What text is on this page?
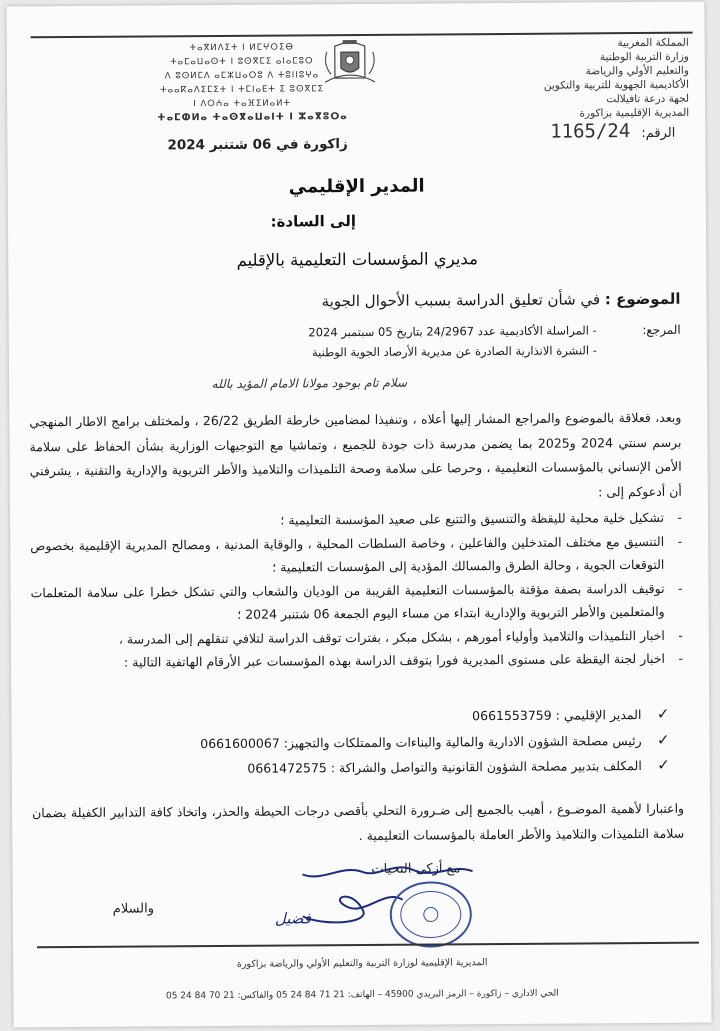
المملكة المغربية
وزارة التربية الوطنية
والتعليم الأولي والرياضة
الأكاديمية الجهوية للتربية والتكوين
لجهة درعة تافيلالت
المديرية الإقليمية بزاكورة
ⵜⴰⴳⵍⴷⵉⵜ ⵏ ⵍⵎⵖⵔⵉⴱ
ⵜⴰⵎⴰⵡⴰⵙⵜ ⵏ ⵓⵙⴳⵎⵉ ⴰⵏⴰⵎⵓⵔ
ⴷ ⵓⵙⵍⵎⴷ ⴰⵎⵣⵡⴰⵔⵓ ⴷ ⵜⵓⵏⵏⵓⵖⴰ
ⵜⴰⴰⴽⴰⴷⵉⵎⵉⵜ ⵏ ⵜⵎⵏⴰⴹⵜ ⵉ ⵓⵙⴳⵎⵉ
ⵏ ⴷⵔⵄⴰ ⵜⴰⴼⵉⵍⴰⵍⵜ
ⵜⴰⵎⵀⵍⴰ ⵜⴰⵙⴳⴰⵡⴰⵏⵜ ⵏ ⵣⴰⴳⵓⵔⴰ
الرقم: 1165/24
زاكورة في 06 شتنبر 2024
المدير الإقليمي
إلى السادة:
مديري المؤسسات التعليمية بالإقليم
الموضوع : في شأن تعليق الدراسة بسبب الأحوال الجوية
المرجع:
- المراسلة الأكاديمية عدد 24/2967 بتاريخ 05 سبتمبر 2024
- النشرة الانذارية الصادرة عن مديرية الأرصاد الجوية الوطنية
سلام تام بوجود مولانا الامام المؤيد بالله
وبعد، فعلاقة بالموضوع والمراجع المشار إليها أعلاه ، وتنفيذا لمضامين خارطة الطريق 26/22 ، ولمختلف برامج الاطار المنهجي برسم سنتي 2024 و2025 بما يضمن مدرسة ذات جودة للجميع ، وتماشيا مع التوجيهات الوزارية بشأن الحفاظ على سلامة الأمن الإنساني بالمؤسسات التعليمية ، وحرصا على سلامة وصحة التلميذات والتلاميذ والأطر التربوية والإدارية والتقنية ، يشرفني أن أدعوكم إلى :
- تشكيل خلية محلية لليقظة والتنسيق والتتبع على صعيد المؤسسة التعليمية ؛
- التنسيق مع مختلف المتدخلين والفاعلين ، وخاصة السلطات المحلية ، والوقاية المدنية ، ومصالح المديرية الإقليمية بخصوص التوقعات الجوية ، وحالة الطرق والمسالك المؤدية إلى المؤسسات التعليمية ؛
- توقيف الدراسة بصفة مؤقتة بالمؤسسات التعليمية القريبة من الوديان والشعاب والتي تشكل خطرا على سلامة المتعلمات والمتعلمين والأطر التربوية والإدارية ابتداء من مساء اليوم الجمعة 06 شتنبر 2024 ؛
- اخبار التلميذات والتلاميذ وأولياء أمورهم ، بشكل مبكر ، بفترات توقف الدراسة لتلافي تنقلهم إلى المدرسة ،
- اخبار لجنة اليقظة على مستوى المديرية فورا بتوقف الدراسة بهذه المؤسسات عبر الأرقام الهاتفية التالية :
✓
المدير الإقليمي : 0661553759
✓
رئيس مصلحة الشؤون الادارية والمالية والبناءات والممتلكات والتجهيز: 0661600067
✓
المكلف بتدبير مصلحة الشؤون القانونية والتواصل والشراكة : 0661472575
واعتبارا لأهمية الموضـوع ، أهيب بالجميع إلى ضـرورة التحلي بأقصى درجات الحيطة والحذر، واتخاذ كافة التدابير الكفيلة بضمان سلامة التلميذات والتلاميذ والأطر العاملة بالمؤسسات التعليمية .
مع أزكى التحيات
فضيل
والسلام
المديرية الإقليمية لوزارة التربية والتعليم الأولي والرياضة بزاكورة
الحي الاداري – زاكورة – الرمز البريدي 45900 – الهاتف: 21 71 84 24 05 والفاكس: 21 70 84 24 05
